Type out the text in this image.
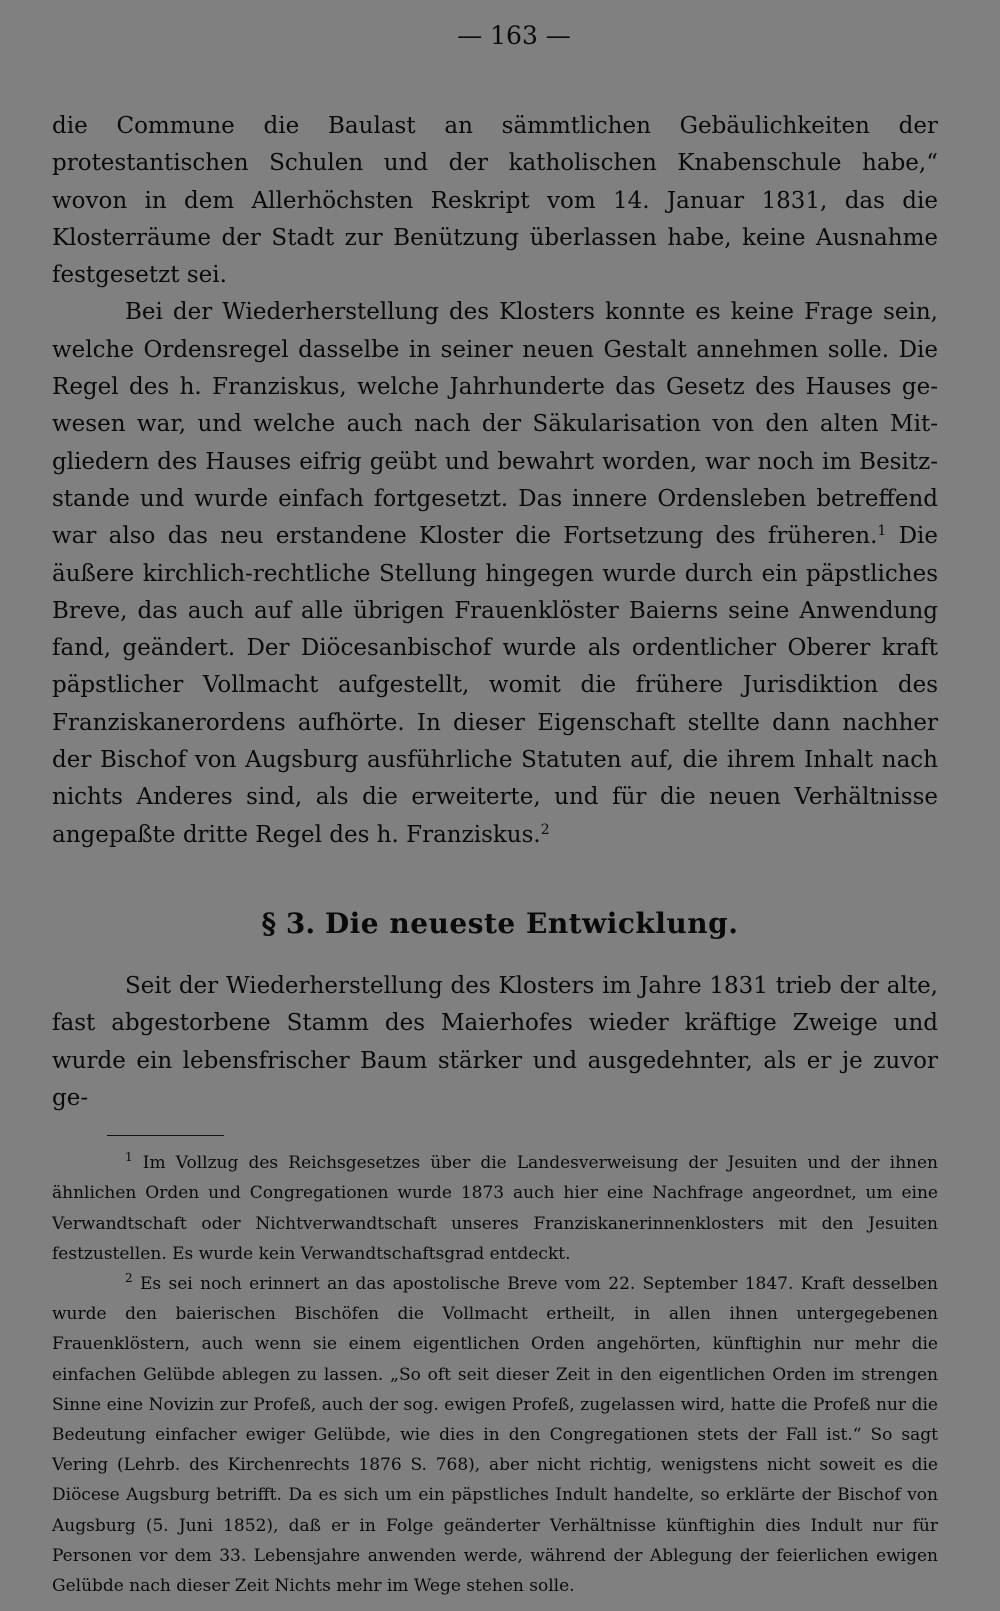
— 163 —

die Commune die Baulast an sämmtlichen Gebäulichkeiten der protestantischen Schulen und der katholischen Knabenschule habe,“ wovon in dem Allerhöchsten Reskript vom 14. Januar 1831, das die Klosterräume der Stadt zur Benützung überlassen habe, keine Ausnahme festgesetzt sei.

Bei der Wiederherstellung des Klosters konnte es keine Frage sein, welche Ordensregel dasselbe in seiner neuen Gestalt annehmen solle. Die Regel des h. Franziskus, welche Jahrhunderte das Gesetz des Hauses gewesen war, und welche auch nach der Säkularisation von den alten Mitgliedern des Hauses eifrig geübt und bewahrt worden, war noch im Besitzstande und wurde einfach fortgesetzt. Das innere Ordensleben betreffend war also das neu erstandene Kloster die Fortsetzung des früheren.$^1$ Die äußere kirchlich-rechtliche Stellung hingegen wurde durch ein päpstliches Breve, das auch auf alle übrigen Frauenklöster Baierns seine Anwendung fand, geändert. Der Diöcesanbischof wurde als ordentlicher Oberer kraft päpstlicher Vollmacht aufgestellt, womit die frühere Jurisdiktion des Franziskanerordens aufhörte. In dieser Eigenschaft stellte dann nachher der Bischof von Augsburg ausführliche Statuten auf, die ihrem Inhalt nach nichts Anderes sind, als die erweiterte, und für die neuen Verhältnisse angepaßte dritte Regel des h. Franziskus.$^2$

§ 3. Die neueste Entwicklung.

Seit der Wiederherstellung des Klosters im Jahre 1831 trieb der alte, fast abgestorbene Stamm des Maierhofes wieder kräftige Zweige und wurde ein lebensfrischer Baum stärker und ausgedehnter, als er je zuvor ge-

$^1$ Im Vollzug des Reichsgesetzes über die Landesverweisung der Jesuiten und der ihnen ähnlichen Orden und Congregationen wurde 1873 auch hier eine Nachfrage angeordnet, um eine Verwandtschaft oder Nichtverwandtschaft unseres Franziskanerinnenklosters mit den Jesuiten festzustellen. Es wurde kein Verwandtschaftsgrad entdeckt.

$^2$ Es sei noch erinnert an das apostolische Breve vom 22. September 1847. Kraft desselben wurde den baierischen Bischöfen die Vollmacht ertheilt, in allen ihnen untergegebenen Frauenklöstern, auch wenn sie einem eigentlichen Orden angehörten, künftighin nur mehr die einfachen Gelübde ablegen zu lassen. „So oft seit dieser Zeit in den eigentlichen Orden im strengen Sinne eine Novizin zur Profeß, auch der sog. ewigen Profeß, zugelassen wird, hatte die Profeß nur die Bedeutung einfacher ewiger Gelübde, wie dies in den Congregationen stets der Fall ist.“ So sagt Vering (Lehrb. des Kirchenrechts 1876 S. 768), aber nicht richtig, wenigstens nicht soweit es die Diöcese Augsburg betrifft. Da es sich um ein päpstliches Indult handelte, so erklärte der Bischof von Augsburg (5. Juni 1852), daß er in Folge geänderter Verhältnisse künftighin dies Indult nur für Personen vor dem 33. Lebensjahre anwenden werde, während der Ablegung der feierlichen ewigen Gelübde nach dieser Zeit Nichts mehr im Wege stehen solle.
